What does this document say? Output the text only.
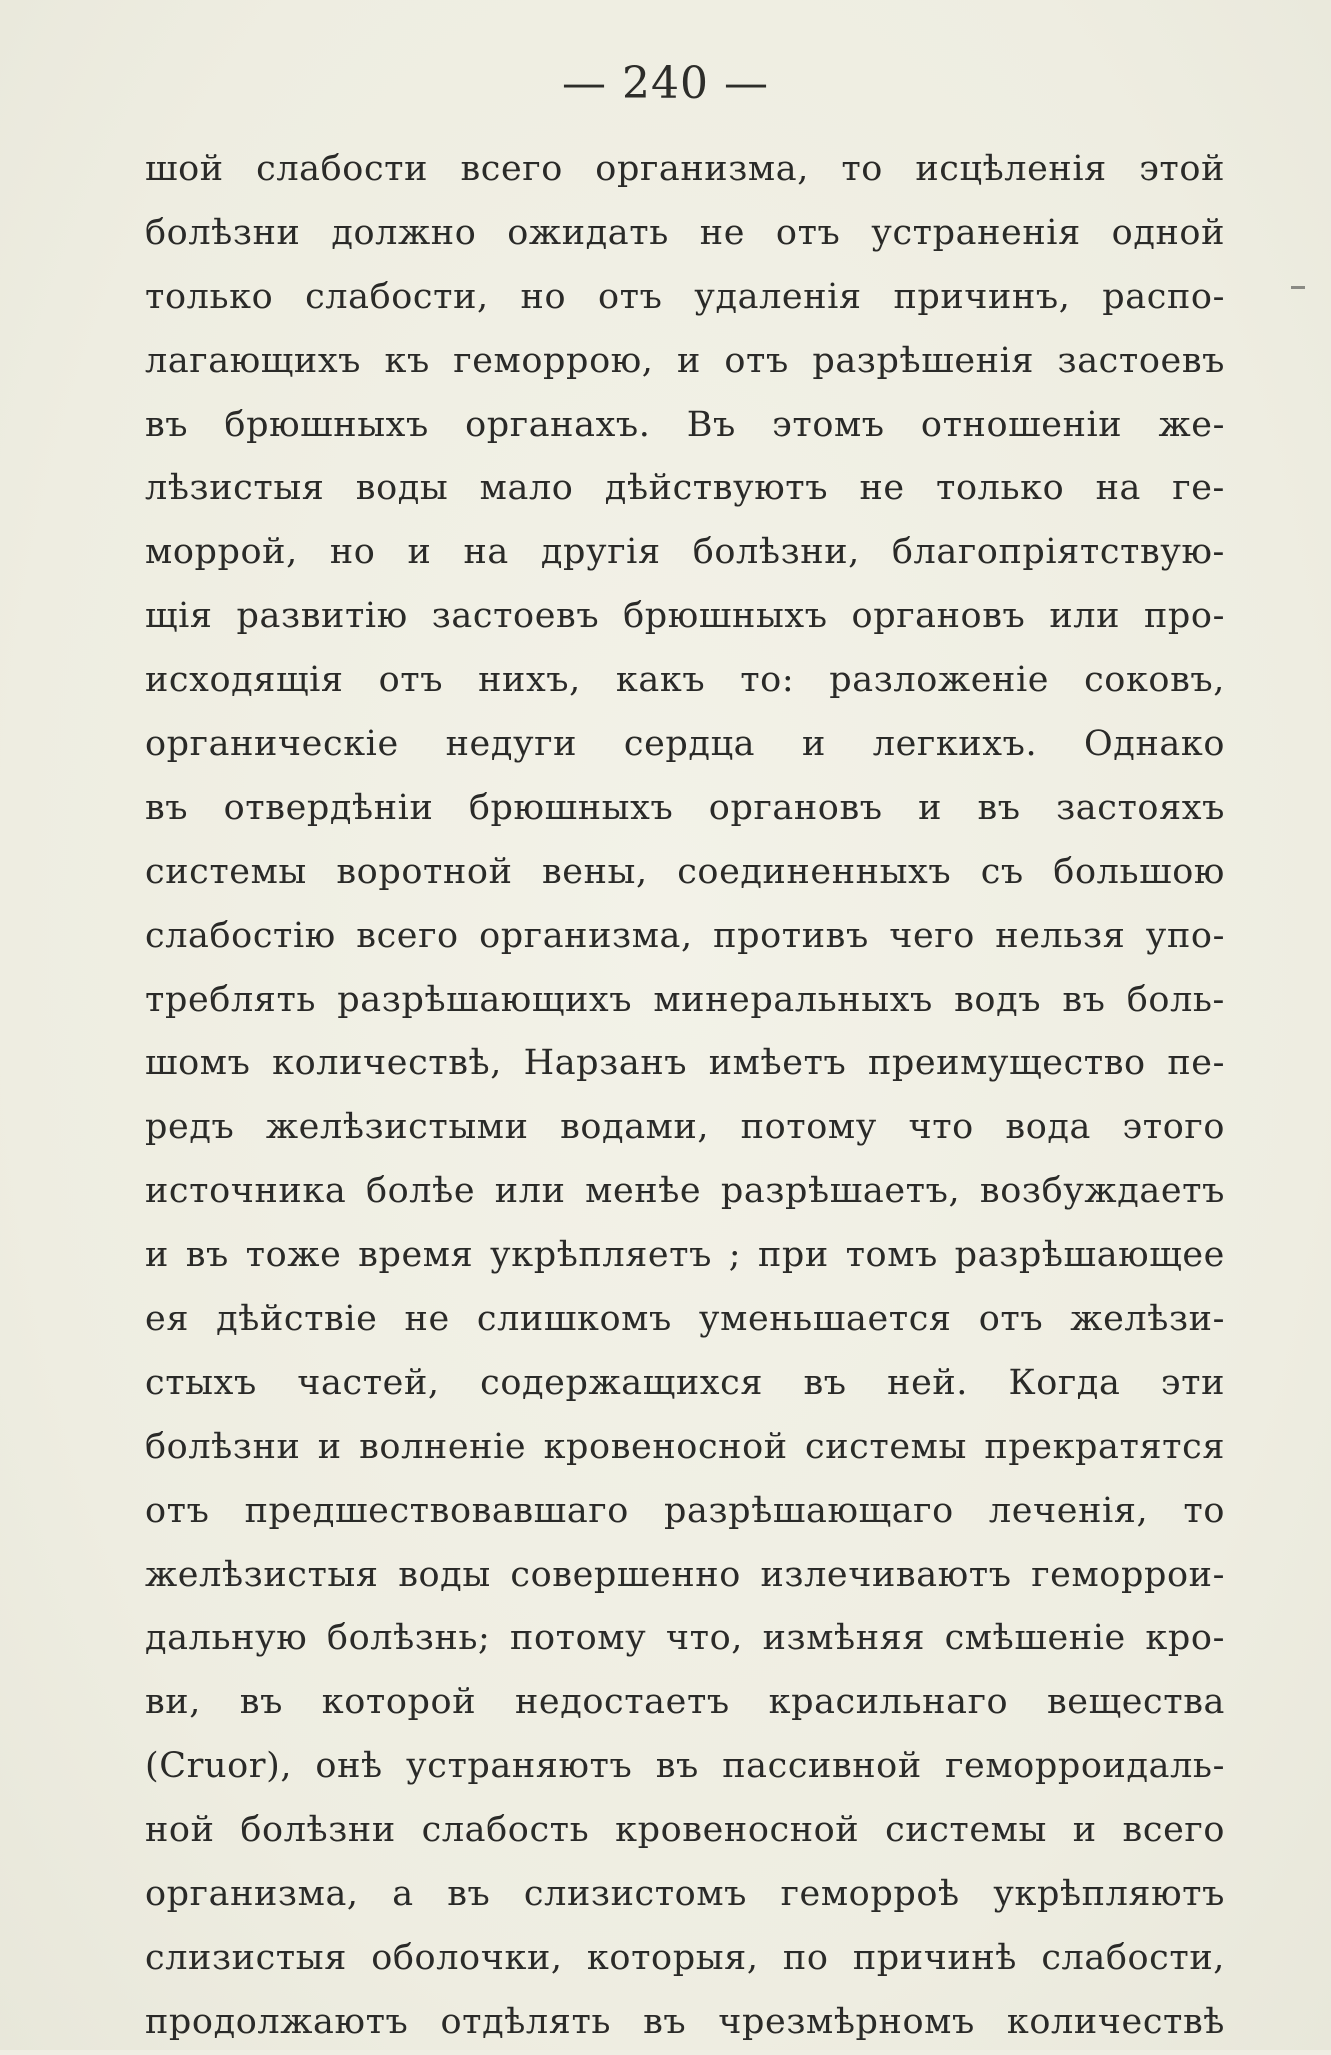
— 240 —
шой слабости всего организма, то исцѣленія этой
болѣзни должно ожидать не отъ устраненія одной
только слабости, но отъ удаленія причинъ, распо-
лагающихъ къ геморрою, и отъ разрѣшенія застоевъ
въ брюшныхъ органахъ. Въ этомъ отношеніи же-
лѣзистыя воды мало дѣйствуютъ не только на ге-
моррой, но и на другія болѣзни, благопріятствую-
щія развитію застоевъ брюшныхъ органовъ или про-
исходящія отъ нихъ, какъ то: разложеніе соковъ,
органическіе недуги сердца и легкихъ. Однако
въ отвердѣніи брюшныхъ органовъ и въ застояхъ
системы воротной вены, соединенныхъ съ большою
слабостію всего организма, противъ чего нельзя упо-
треблять разрѣшающихъ минеральныхъ водъ въ боль-
шомъ количествѣ, Нарзанъ имѣетъ преимущество пе-
редъ желѣзистыми водами, потому что вода этого
источника болѣе или менѣе разрѣшаетъ, возбуждаетъ
и въ тоже время укрѣпляетъ ; при томъ разрѣшающее
ея дѣйствіе не слишкомъ уменьшается отъ желѣзи-
стыхъ частей, содержащихся въ ней. Когда эти
болѣзни и волненіе кровеносной системы прекратятся
отъ предшествовавшаго разрѣшающаго леченія, то
желѣзистыя воды совершенно излечиваютъ геморрои-
дальную болѣзнь; потому что, измѣняя смѣшеніе кро-
ви, въ которой недостаетъ красильнаго вещества
(Cruor), онѣ устраняютъ въ пассивной геморроидаль-
ной болѣзни слабость кровеносной системы и всего
организма, а въ слизистомъ геморроѣ укрѣпляютъ
слизистыя оболочки, которыя, по причинѣ слабости,
продолжаютъ отдѣлять въ чрезмѣрномъ количествѣ
